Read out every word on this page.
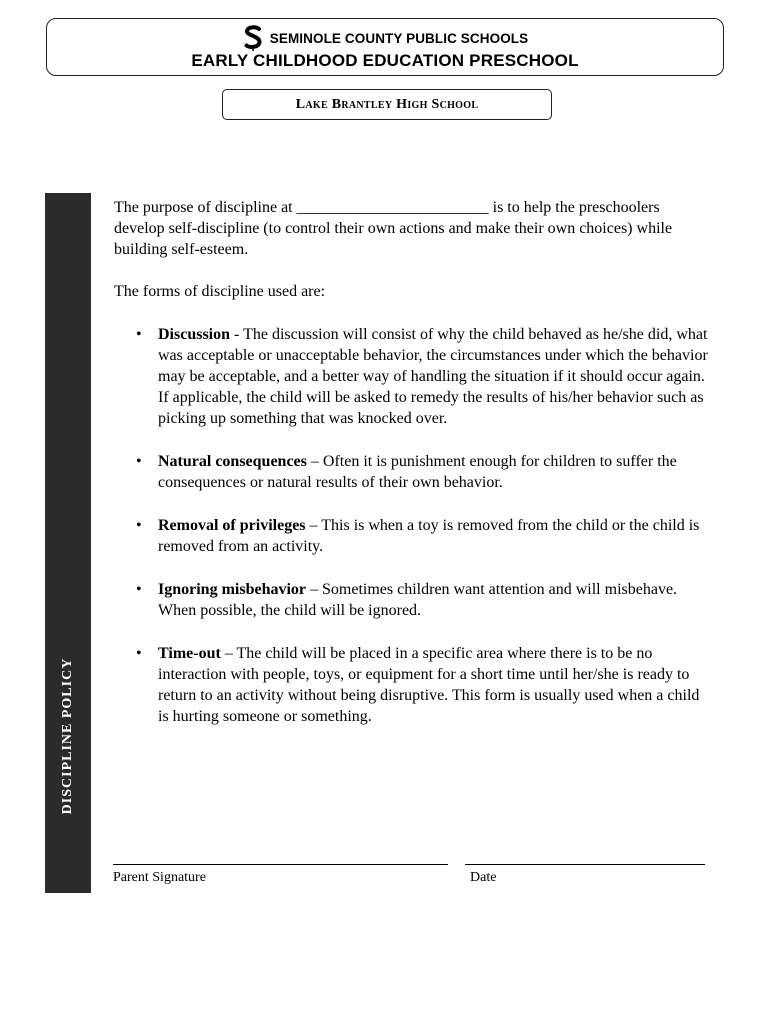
SEMINOLE COUNTY PUBLIC SCHOOLS
EARLY CHILDHOOD EDUCATION PRESCHOOL
Lake Brantley High School
DISCIPLINE POLICY

The purpose of discipline at ________________________ is to help the preschoolers develop self-discipline (to control their own actions and make their own choices) while building self-esteem.

The forms of discipline used are:

• Discussion - The discussion will consist of why the child behaved as he/she did, what was acceptable or unacceptable behavior, the circumstances under which the behavior may be acceptable, and a better way of handling the situation if it should occur again. If applicable, the child will be asked to remedy the results of his/her behavior such as picking up something that was knocked over.
• Natural consequences – Often it is punishment enough for children to suffer the consequences or natural results of their own behavior.
• Removal of privileges – This is when a toy is removed from the child or the child is removed from an activity.
• Ignoring misbehavior – Sometimes children want attention and will misbehave. When possible, the child will be ignored.
• Time-out – The child will be placed in a specific area where there is to be no interaction with people, toys, or equipment for a short time until her/she is ready to return to an activity without being disruptive. This form is usually used when a child is hurting someone or something.
Parent Signature	Date
